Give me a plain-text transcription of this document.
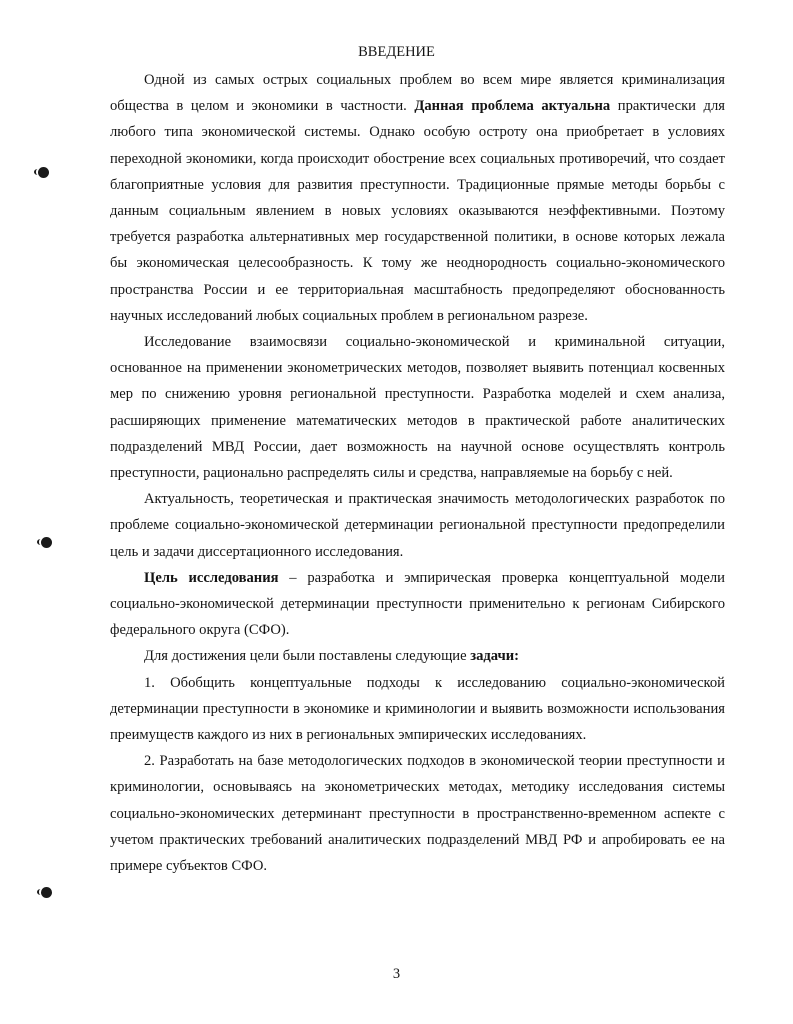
ВВЕДЕНИЕ

Одной из самых острых социальных проблем во всем мире является криминализация общества в целом и экономики в частности. Данная проблема актуальна практически для любого типа экономической системы. Однако особую остроту она приобретает в условиях переходной экономики, когда происходит обострение всех социальных противоречий, что создает благоприятные условия для развития преступности. Традиционные прямые методы борьбы с данным социальным явлением в новых условиях оказываются неэффективными. Поэтому требуется разработка альтернативных мер государственной политики, в основе которых лежала бы экономическая целесообразность. К тому же неоднородность социально-экономического пространства России и ее территориальная масштабность предопределяют обоснованность научных исследований любых социальных проблем в региональном разрезе.

Исследование взаимосвязи социально-экономической и криминальной ситуации, основанное на применении эконометрических методов, позволяет выявить потенциал косвенных мер по снижению уровня региональной преступности. Разработка моделей и схем анализа, расширяющих применение математических методов в практической работе аналитических подразделений МВД России, дает возможность на научной основе осуществлять контроль преступности, рационально распределять силы и средства, направляемые на борьбу с ней.

Актуальность, теоретическая и практическая значимость методологических разработок по проблеме социально-экономической детерминации региональной преступности предопределили цель и задачи диссертационного исследования.

Цель исследования – разработка и эмпирическая проверка концептуальной модели социально-экономической детерминации преступности применительно к регионам Сибирского федерального округа (СФО).

Для достижения цели были поставлены следующие задачи:

1. Обобщить концептуальные подходы к исследованию социально-экономической детерминации преступности в экономике и криминологии и выявить возможности использования преимуществ каждого из них в региональных эмпирических исследованиях.

2. Разработать на базе методологических подходов в экономической теории преступности и криминологии, основываясь на эконометрических методах, методику исследования системы социально-экономических детерминант преступности в пространственно-временном аспекте с учетом практических требований аналитических подразделений МВД РФ и апробировать ее на примере субъектов СФО.

3
